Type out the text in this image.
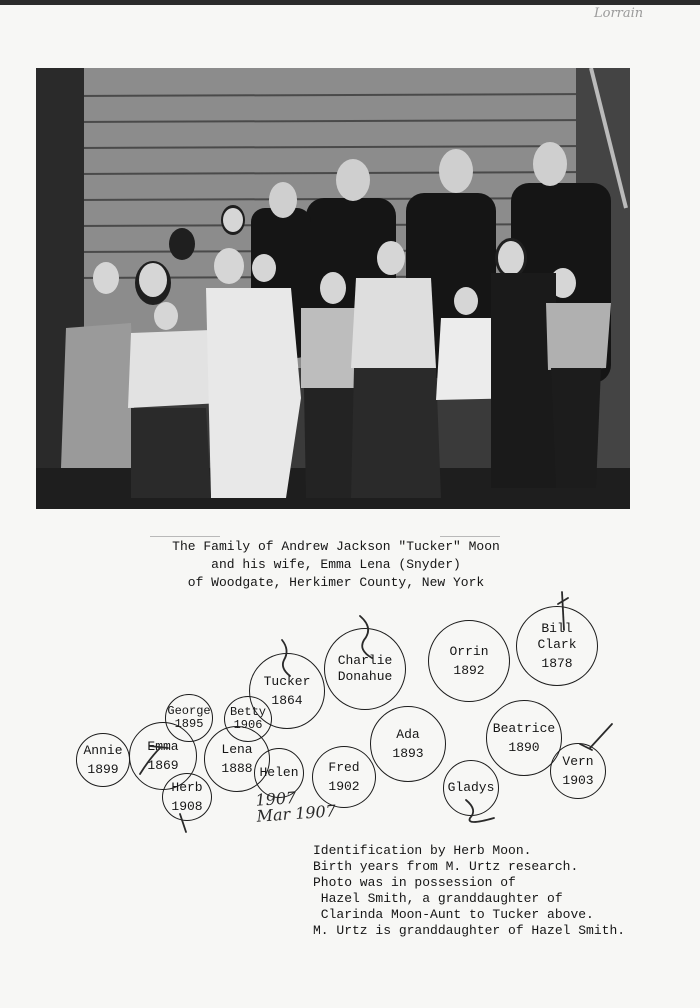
Lorrain
The Family of Andrew Jackson "Tucker" Moon
and his wife, Emma Lena (Snyder)
of Woodgate, Herkimer County, New York
Bill
Clark
1878
Orrin
1892
Charlie
Donahue
Tucker
1864
George
1895
Betty
1906
Annie
1899
Emma
1869
Lena
1888 Helen
Herb
1908
Fred
1902
Ada
1893
Beatrice
1890
Gladys
Vern
1903
1907
Mar 1907
Identification by Herb Moon.
Birth years from M. Urtz research.
Photo was in possession of
Hazel Smith, a granddaughter of
Clarinda Moon-Aunt to Tucker above.
M. Urtz is granddaughter of Hazel Smith.
